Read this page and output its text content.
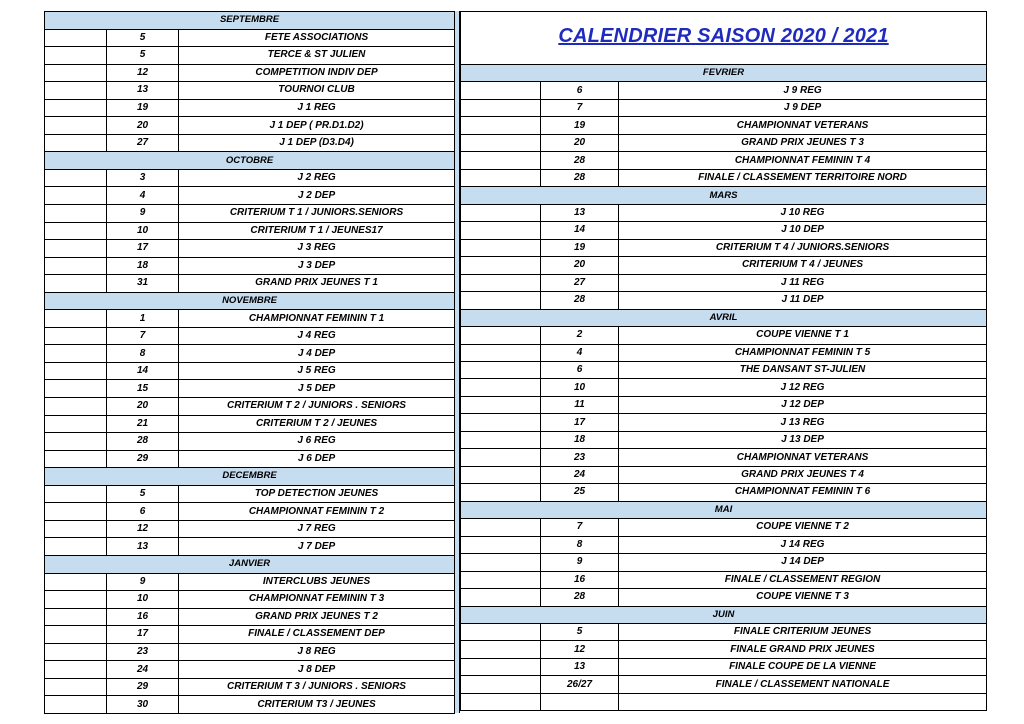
SEPTEMBRE		
	5	FETE ASSOCIATIONS
	5	TERCE & ST JULIEN
	12	COMPETITION INDIV DEP
	13	TOURNOI CLUB
	19	J 1 REG
	20	J 1 DEP ( PR.D1.D2)
	27	J 1 DEP (D3.D4)
OCTOBRE		
	3	J 2 REG
	4	J 2 DEP
	9	CRITERIUM T 1 / JUNIORS.SENIORS
	10	CRITERIUM T 1 / JEUNES17
	17	J 3 REG
	18	J 3 DEP
	31	GRAND PRIX JEUNES T 1
NOVEMBRE		
	1	CHAMPIONNAT FEMININ T 1
	7	J 4 REG
	8	J 4 DEP
	14	J 5 REG
	15	J 5 DEP
	20	CRITERIUM T 2 / JUNIORS . SENIORS
	21	CRITERIUM T 2 / JEUNES
	28	J 6 REG
	29	J 6 DEP
DECEMBRE		
	5	TOP DETECTION JEUNES
	6	CHAMPIONNAT FEMININ T 2
	12	J 7 REG
	13	J 7 DEP
JANVIER		
	9	INTERCLUBS JEUNES
	10	CHAMPIONNAT FEMININ T 3
	16	GRAND PRIX JEUNES T 2
	17	FINALE / CLASSEMENT DEP
	23	J 8 REG
	24	J 8 DEP
	29	CRITERIUM T 3 / JUNIORS . SENIORS
	30	CRITERIUM T3 / JEUNES
CALENDRIER SAISON 2020 / 2021		
FEVRIER		
	6	J 9 REG
	7	J 9 DEP
	19	CHAMPIONNAT VETERANS
	20	GRAND PRIX JEUNES T 3
	28	CHAMPIONNAT FEMININ T 4
	28	FINALE / CLASSEMENT TERRITOIRE NORD
MARS		
	13	J 10 REG
	14	J 10 DEP
	19	CRITERIUM T 4 / JUNIORS.SENIORS
	20	CRITERIUM T 4 / JEUNES
	27	J 11 REG
	28	J 11 DEP
AVRIL		
	2	COUPE VIENNE T 1
	4	CHAMPIONNAT FEMININ T 5
	6	THE DANSANT ST-JULIEN
	10	J 12 REG
	11	J 12 DEP
	17	J 13 REG
	18	J 13 DEP
	23	CHAMPIONNAT VETERANS
	24	GRAND PRIX JEUNES T 4
	25	CHAMPIONNAT FEMININ T 6
MAI		
	7	COUPE VIENNE T 2
	8	J 14 REG
	9	J 14 DEP
	16	FINALE / CLASSEMENT REGION
	28	COUPE VIENNE T 3
JUIN		
	5	FINALE CRITERIUM JEUNES
	12	FINALE GRAND PRIX JEUNES
	13	FINALE COUPE DE LA VIENNE
	26/27	FINALE / CLASSEMENT NATIONALE
